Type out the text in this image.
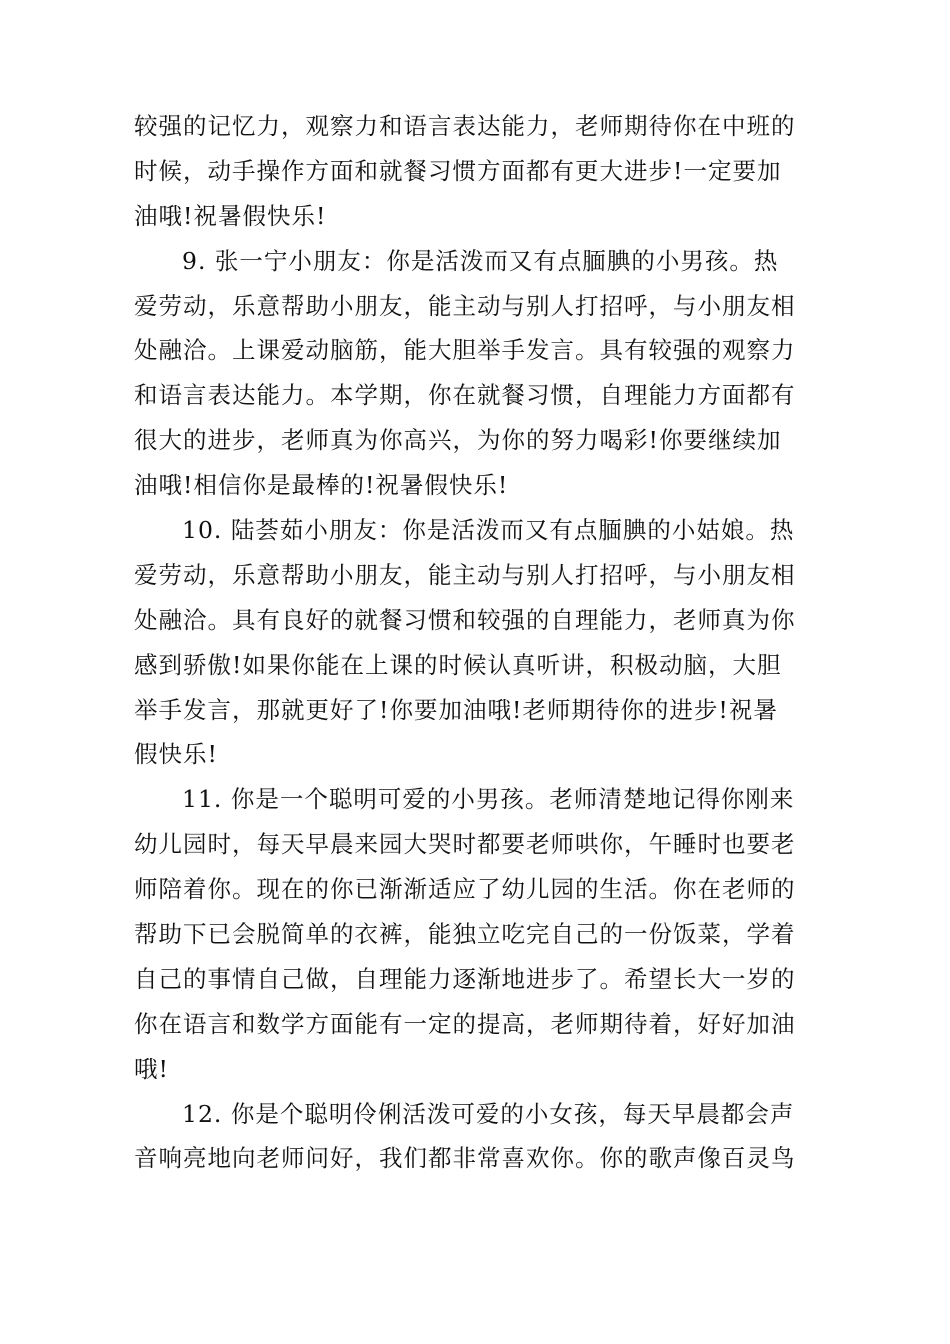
较强的记忆力，观察力和语言表达能力，老师期待你在中班的
时候，动手操作方面和就餐习惯方面都有更大进步!一定要加
油哦!祝暑假快乐!
9. 张一宁小朋友：你是活泼而又有点腼腆的小男孩。热
爱劳动，乐意帮助小朋友，能主动与别人打招呼，与小朋友相
处融洽。上课爱动脑筋，能大胆举手发言。具有较强的观察力
和语言表达能力。本学期，你在就餐习惯，自理能力方面都有
很大的进步，老师真为你高兴，为你的努力喝彩!你要继续加
油哦!相信你是最棒的!祝暑假快乐!
10. 陆荟茹小朋友：你是活泼而又有点腼腆的小姑娘。热
爱劳动，乐意帮助小朋友，能主动与别人打招呼，与小朋友相
处融洽。具有良好的就餐习惯和较强的自理能力，老师真为你
感到骄傲!如果你能在上课的时候认真听讲，积极动脑，大胆
举手发言，那就更好了!你要加油哦!老师期待你的进步!祝暑
假快乐!
11. 你是一个聪明可爱的小男孩。老师清楚地记得你刚来
幼儿园时，每天早晨来园大哭时都要老师哄你，午睡时也要老
师陪着你。现在的你已渐渐适应了幼儿园的生活。你在老师的
帮助下已会脱简单的衣裤，能独立吃完自己的一份饭菜，学着
自己的事情自己做，自理能力逐渐地进步了。希望长大一岁的
你在语言和数学方面能有一定的提高，老师期待着，好好加油
哦!
12. 你是个聪明伶俐活泼可爱的小女孩，每天早晨都会声
音响亮地向老师问好，我们都非常喜欢你。你的歌声像百灵鸟
